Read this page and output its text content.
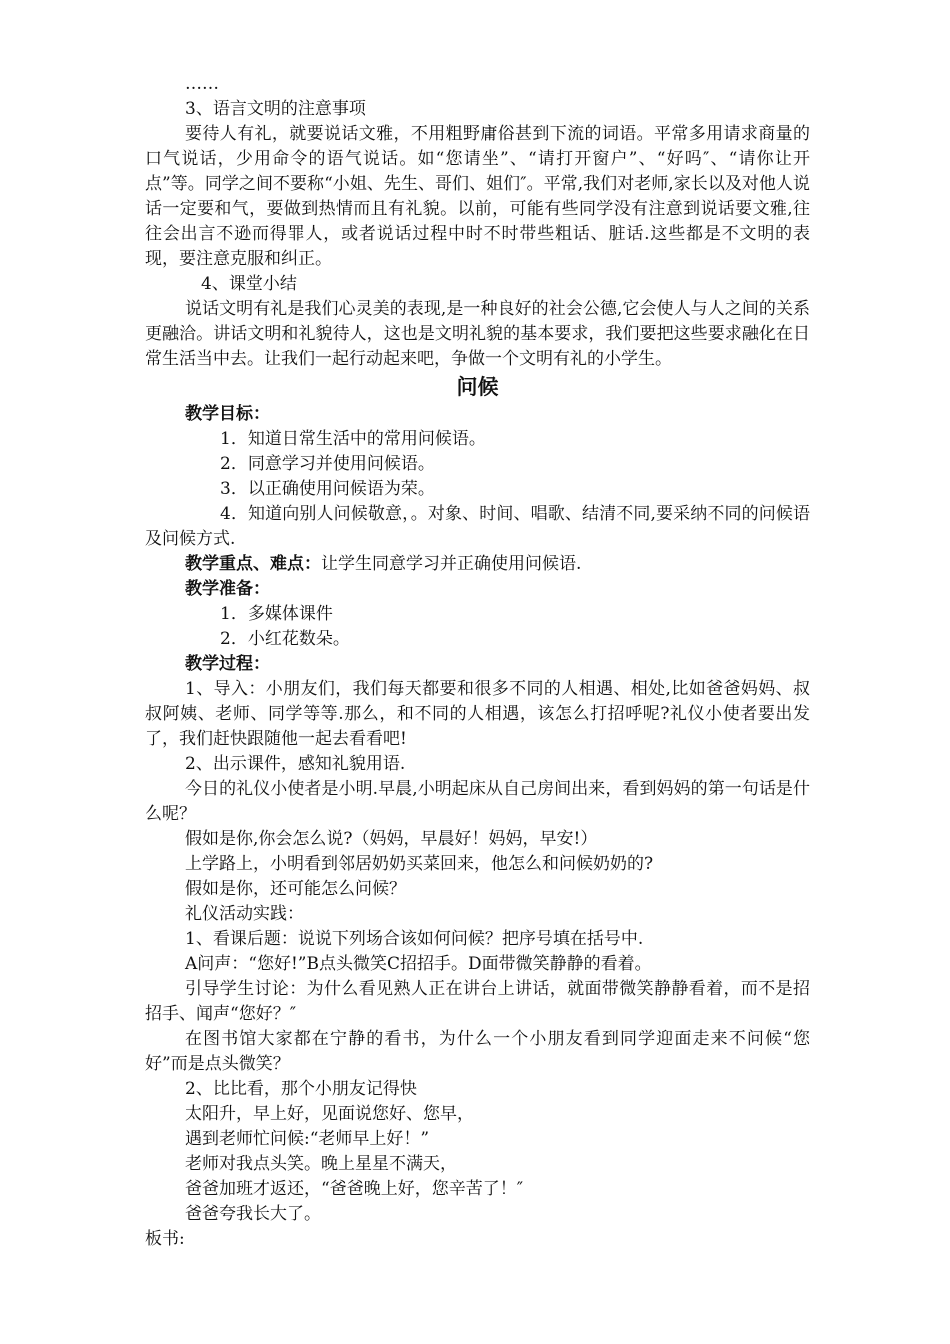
……

3、语言文明的注意事项

要待人有礼，就要说话文雅，不用粗野庸俗甚到下流的词语。平常多用请求商量的口气说话，少用命令的语气说话。如“您请坐”、“请打开窗户”、“好吗″、“请你让开点”等。同学之间不要称“小姐、先生、哥们、姐们″。平常,我们对老师,家长以及对他人说话一定要和气，要做到热情而且有礼貌。以前，可能有些同学没有注意到说话要文雅,往往会出言不逊而得罪人，或者说话过程中时不时带些粗话、脏话.这些都是不文明的表现，要注意克服和纠正。

4、课堂小结

说话文明有礼是我们心灵美的表现,是一种良好的社会公德,它会使人与人之间的关系更融洽。讲话文明和礼貌待人，这也是文明礼貌的基本要求，我们要把这些要求融化在日常生活当中去。让我们一起行动起来吧，争做一个文明有礼的小学生。

问候

教学目标：

1．知道日常生活中的常用问候语。

2．同意学习并使用问候语。

3．以正确使用问候语为荣。

4．知道向别人问候敬意，。对象、时间、唱歌、结清不同,要采纳不同的问候语及问候方式.

教学重点、难点：让学生同意学习并正确使用问候语.

教学准备：

1．多媒体课件

2．小红花数朵。

教学过程：

1、导入：小朋友们，我们每天都要和很多不同的人相遇、相处,比如爸爸妈妈、叔叔阿姨、老师、同学等等.那么，和不同的人相遇，该怎么打招呼呢?礼仪小使者要出发了，我们赶快跟随他一起去看看吧!

2、出示课件，感知礼貌用语.

今日的礼仪小使者是小明.早晨,小明起床从自己房间出来，看到妈妈的第一句话是什么呢？

假如是你,你会怎么说?（妈妈，早晨好！妈妈，早安!）

上学路上，小明看到邻居奶奶买菜回来，他怎么和问候奶奶的?

假如是你，还可能怎么问候？

礼仪活动实践：

1、看课后题：说说下列场合该如何问候？把序号填在括号中.

A问声：“您好!”B点头微笑C招招手。D面带微笑静静的看着。

引导学生讨论：为什么看见熟人正在讲台上讲话，就面带微笑静静看着，而不是招招手、闻声“您好？″

在图书馆大家都在宁静的看书，为什么一个小朋友看到同学迎面走来不问候“您好”而是点头微笑？

2、比比看，那个小朋友记得快

太阳升，早上好，见面说您好、您早，

遇到老师忙问候:“老师早上好！”

老师对我点头笑。晚上星星不满天，

爸爸加班才返还，“爸爸晚上好，您辛苦了！″

爸爸夸我长大了。

板书:
